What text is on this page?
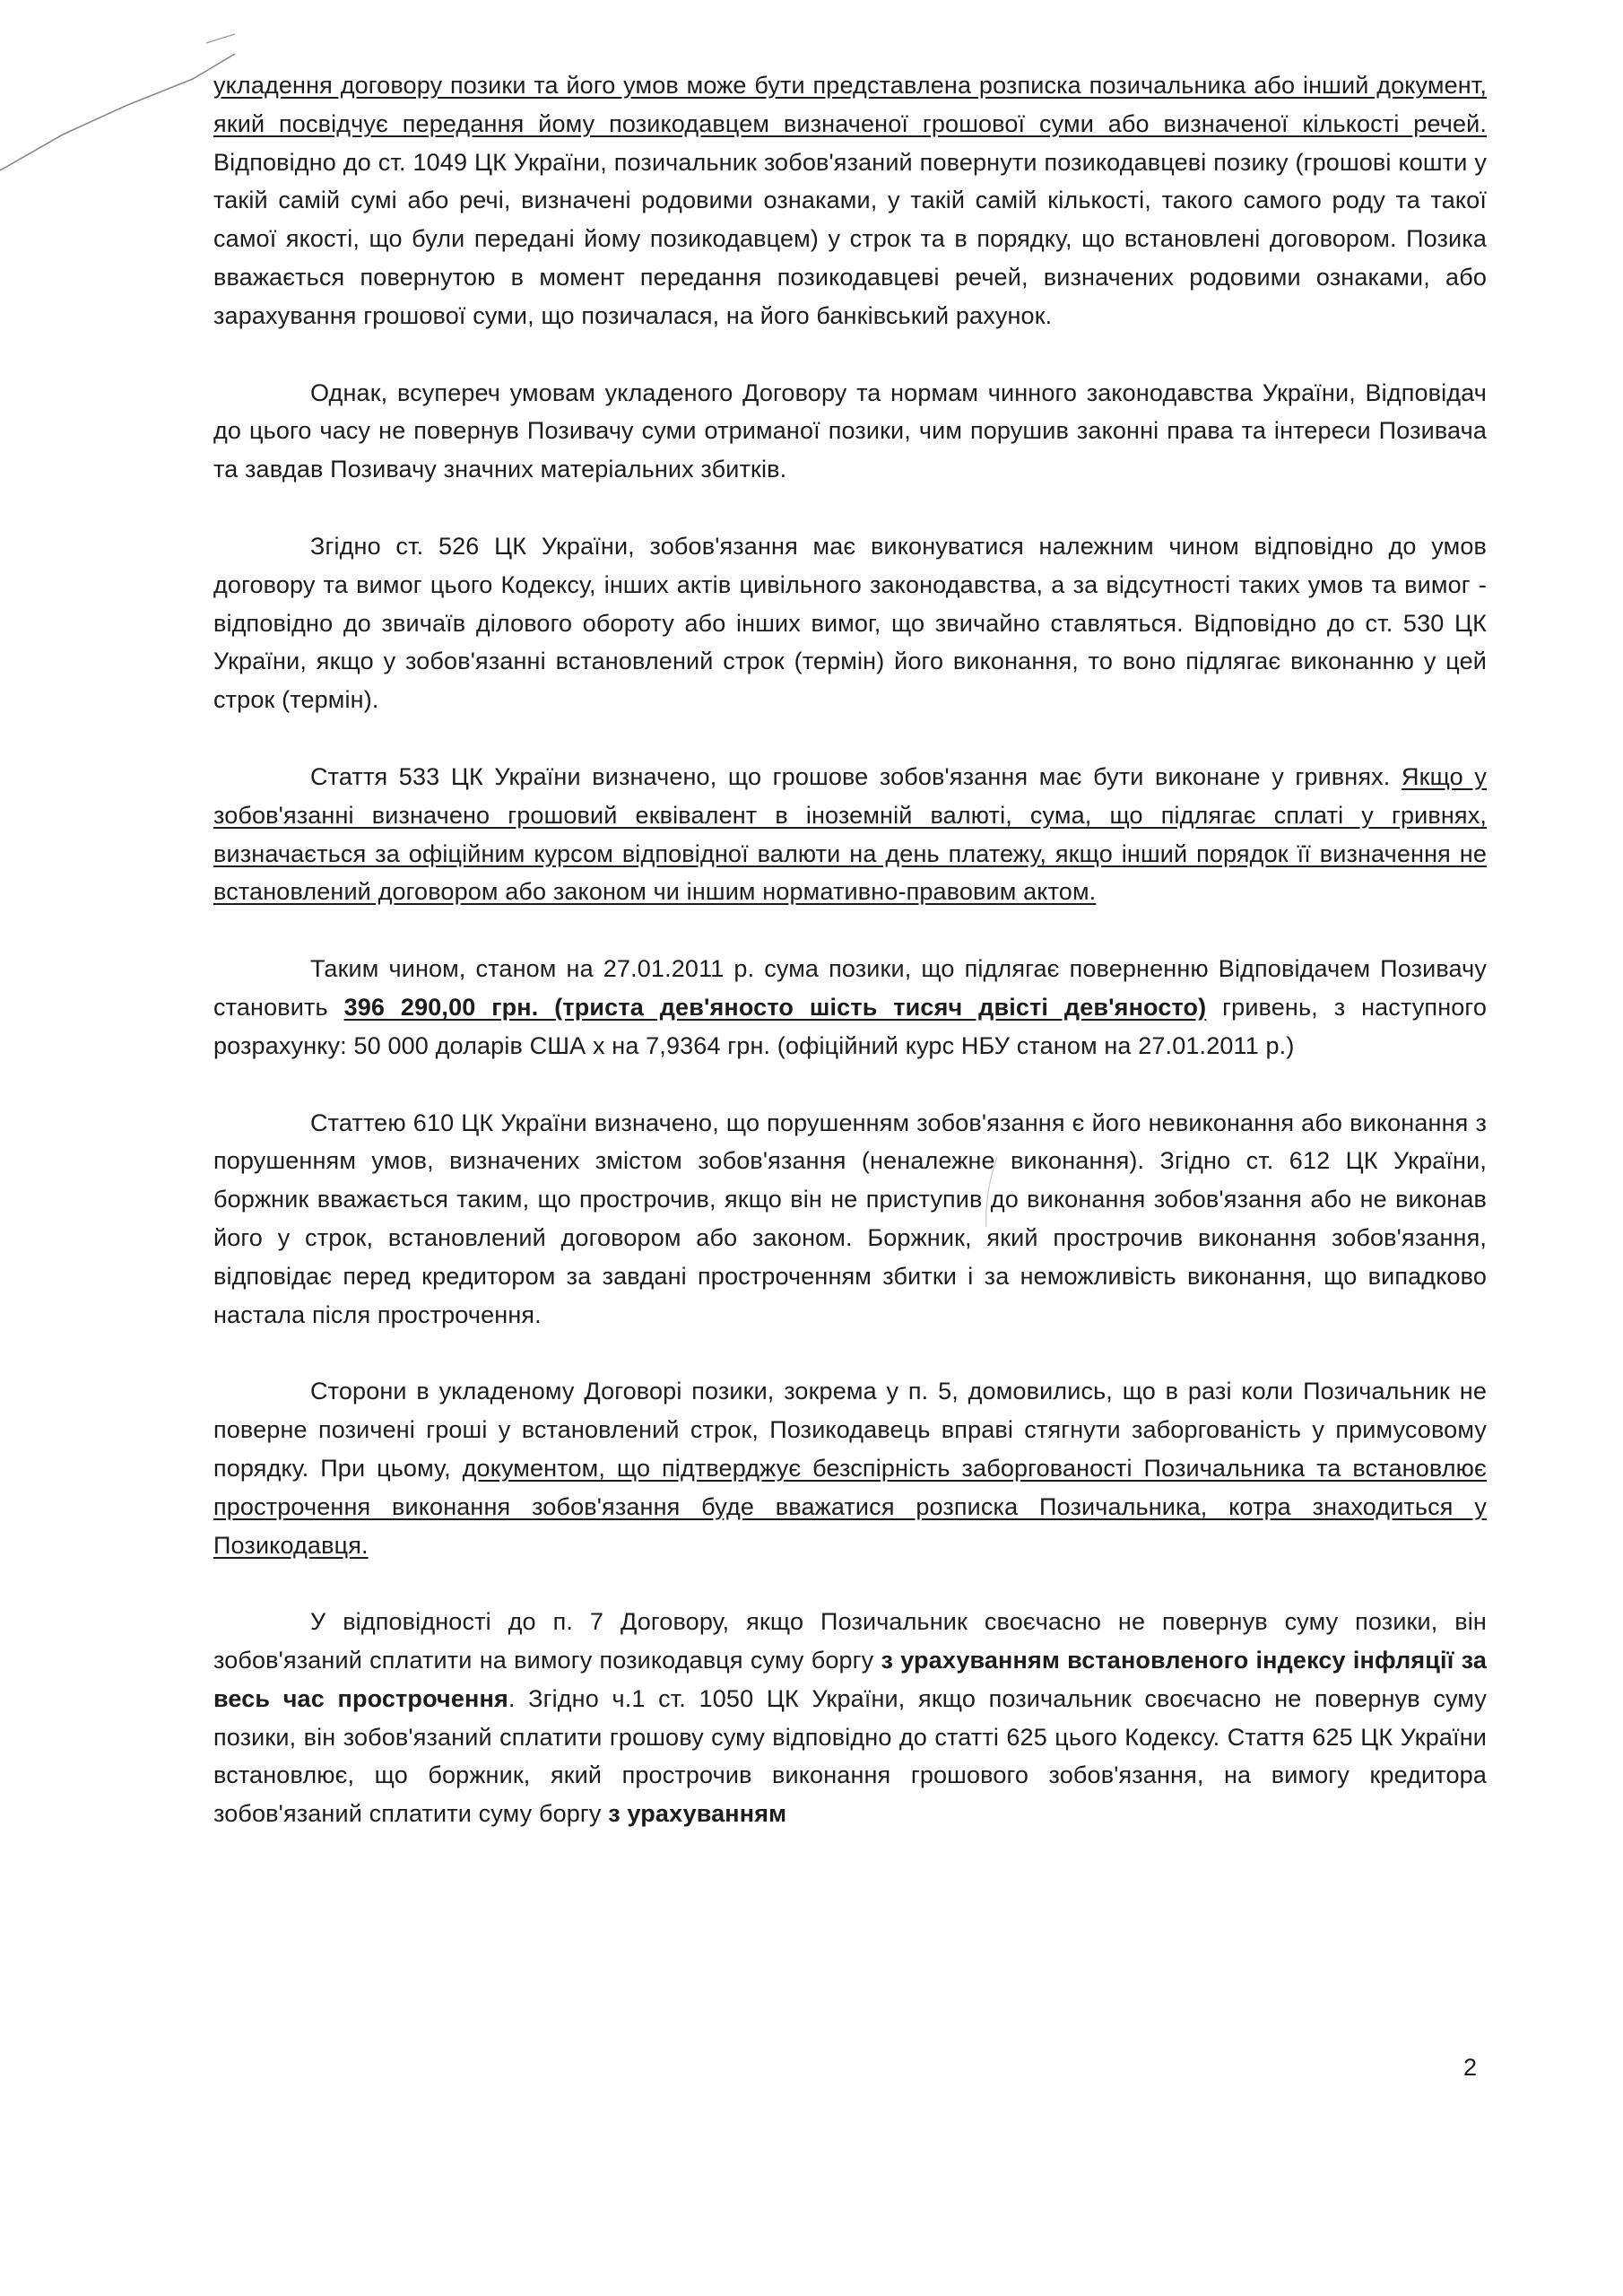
укладення договору позики та його умов може бути представлена розписка позичальника або інший документ, який посвідчує передання йому позикодавцем визначеної грошової суми або визначеної кількості речей. Відповідно до ст. 1049 ЦК України, позичальник зобов'язаний повернути позикодавцеві позику (грошові кошти у такій самій сумі або речі, визначені родовими ознаками, у такій самій кількості, такого самого роду та такої самої якості, що були передані йому позикодавцем) у строк та в порядку, що встановлені договором. Позика вважається повернутою в момент передання позикодавцеві речей, визначених родовими ознаками, або зарахування грошової суми, що позичалася, на його банківський рахунок.

Однак, всупереч умовам укладеного Договору та нормам чинного законодавства України, Відповідач до цього часу не повернув Позивачу суми отриманої позики, чим порушив законні права та інтереси Позивача та завдав Позивачу значних матеріальних збитків.

Згідно ст. 526 ЦК України, зобов'язання має виконуватися належним чином відповідно до умов договору та вимог цього Кодексу, інших актів цивільного законодавства, а за відсутності таких умов та вимог - відповідно до звичаїв ділового обороту або інших вимог, що звичайно ставляться. Відповідно до ст. 530 ЦК України, якщо у зобов'язанні встановлений строк (термін) його виконання, то воно підлягає виконанню у цей строк (термін).

Стаття 533 ЦК України визначено, що грошове зобов'язання має бути виконане у гривнях. Якщо у зобов'язанні визначено грошовий еквівалент в іноземній валюті, сума, що підлягає сплаті у гривнях, визначається за офіційним курсом відповідної валюти на день платежу, якщо інший порядок її визначення не встановлений договором або законом чи іншим нормативно-правовим актом.

Таким чином, станом на 27.01.2011 р. сума позики, що підлягає поверненню Відповідачем Позивачу становить 396 290,00 грн. (триста дев'яносто шість тисяч двісті дев'яносто) гривень, з наступного розрахунку: 50 000 доларів США х на 7,9364 грн. (офіційний курс НБУ станом на 27.01.2011 р.)

Статтею 610 ЦК України визначено, що порушенням зобов'язання є його невиконання або виконання з порушенням умов, визначених змістом зобов'язання (неналежне виконання). Згідно ст. 612 ЦК України, боржник вважається таким, що прострочив, якщо він не приступив до виконання зобов'язання або не виконав його у строк, встановлений договором або законом. Боржник, який прострочив виконання зобов'язання, відповідає перед кредитором за завдані простроченням збитки і за неможливість виконання, що випадково настала після прострочення.

Сторони в укладеному Договорі позики, зокрема у п. 5, домовились, що в разі коли Позичальник не поверне позичені гроші у встановлений строк, Позикодавець вправі стягнути заборгованість у примусовому порядку. При цьому, документом, що підтверджує безспірність заборгованості Позичальника та встановлює прострочення виконання зобов'язання буде вважатися розписка Позичальника, котра знаходиться у Позикодавця.

У відповідності до п. 7 Договору, якщо Позичальник своєчасно не повернув суму позики, він зобов'язаний сплатити на вимогу позикодавця суму боргу з урахуванням встановленого індексу інфляції за весь час прострочення. Згідно ч.1 ст. 1050 ЦК України, якщо позичальник своєчасно не повернув суму позики, він зобов'язаний сплатити грошову суму відповідно до статті 625 цього Кодексу. Стаття 625 ЦК України встановлює, що боржник, який прострочив виконання грошового зобов'язання, на вимогу кредитора зобов'язаний сплатити суму боргу з урахуванням

2
